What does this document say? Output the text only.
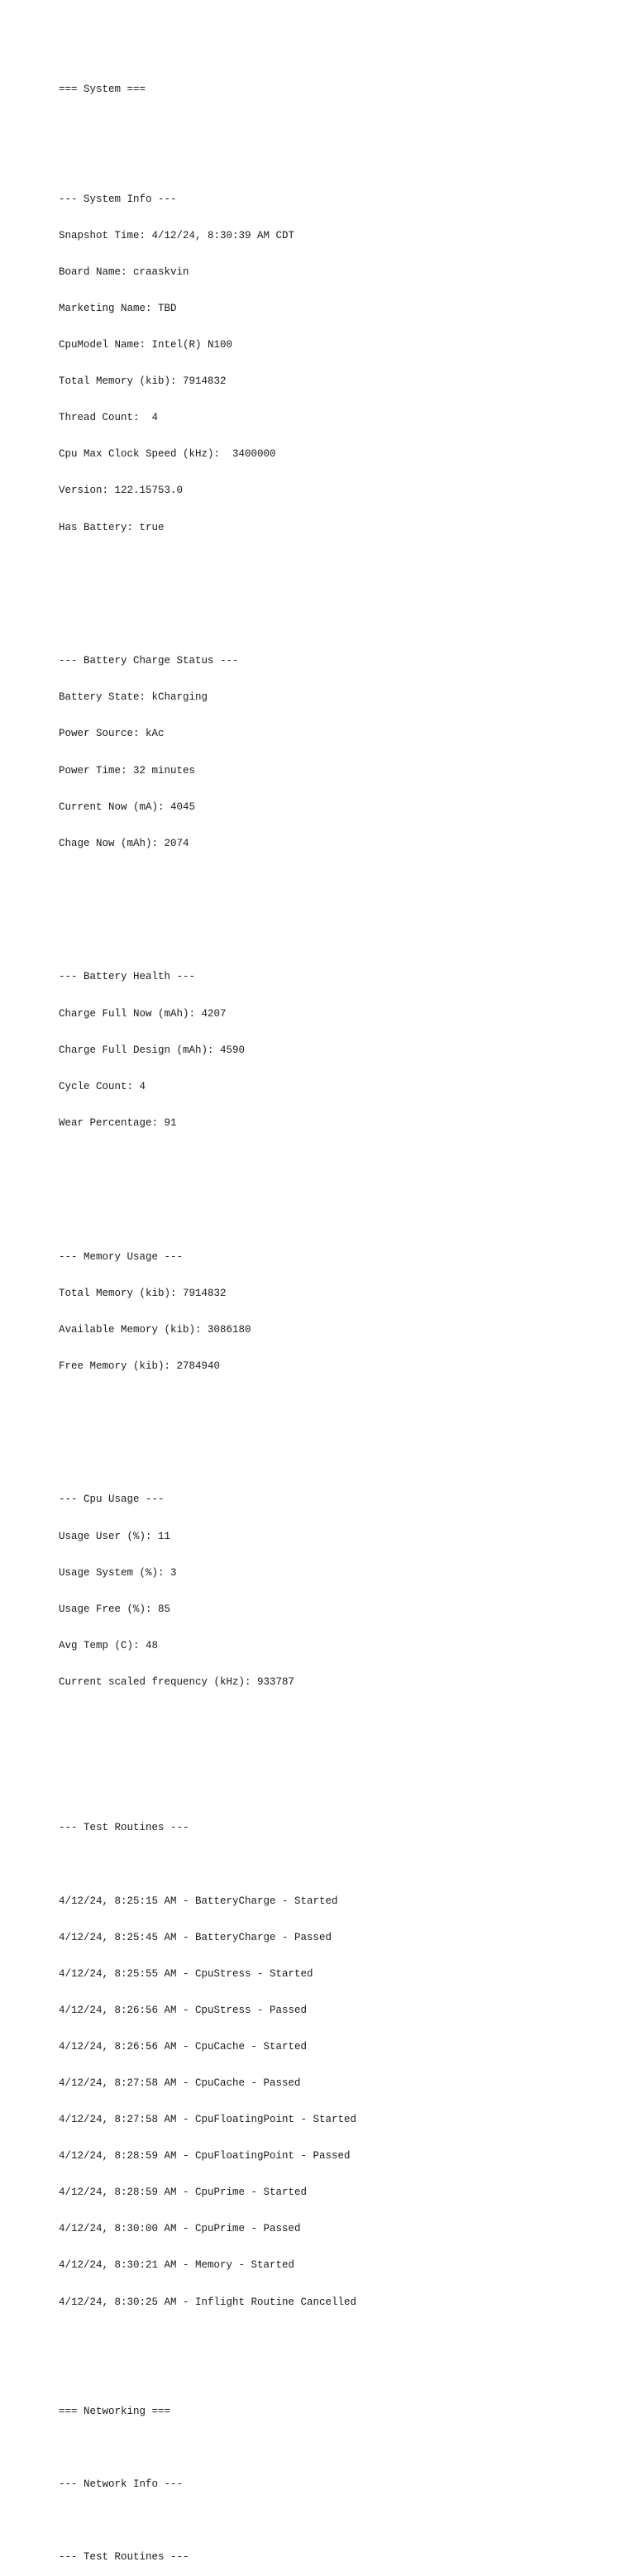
=== System ===

--- System Info ---

Snapshot Time: 4/12/24, 8:30:39 AM CDT

Board Name: craaskvin

Marketing Name: TBD

CpuModel Name: Intel(R) N100

Total Memory (kib): 7914832

Thread Count:  4

Cpu Max Clock Speed (kHz):  3400000

Version: 122.15753.0

Has Battery: true

--- Battery Charge Status ---

Battery State: kCharging

Power Source: kAc

Power Time: 32 minutes

Current Now (mA): 4045

Chage Now (mAh): 2074

--- Battery Health ---

Charge Full Now (mAh): 4207

Charge Full Design (mAh): 4590

Cycle Count: 4

Wear Percentage: 91

--- Memory Usage ---

Total Memory (kib): 7914832

Available Memory (kib): 3086180

Free Memory (kib): 2784940

--- Cpu Usage ---

Usage User (%): 11

Usage System (%): 3

Usage Free (%): 85

Avg Temp (C): 48

Current scaled frequency (kHz): 933787

--- Test Routines ---

4/12/24, 8:25:15 AM - BatteryCharge - Started

4/12/24, 8:25:45 AM - BatteryCharge - Passed

4/12/24, 8:25:55 AM - CpuStress - Started

4/12/24, 8:26:56 AM - CpuStress - Passed

4/12/24, 8:26:56 AM - CpuCache - Started

4/12/24, 8:27:58 AM - CpuCache - Passed

4/12/24, 8:27:58 AM - CpuFloatingPoint - Started

4/12/24, 8:28:59 AM - CpuFloatingPoint - Passed

4/12/24, 8:28:59 AM - CpuPrime - Started

4/12/24, 8:30:00 AM - CpuPrime - Passed

4/12/24, 8:30:21 AM - Memory - Started

4/12/24, 8:30:25 AM - Inflight Routine Cancelled

=== Networking ===

--- Network Info ---

--- Test Routines ---
